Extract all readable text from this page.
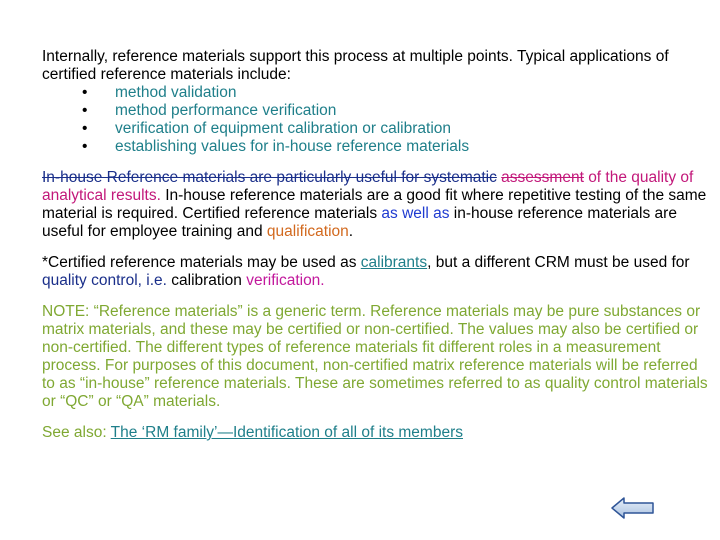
Internally, reference materials support this process at multiple points. Typical applications of certified reference materials include:

• method validation
• method performance verification
• verification of equipment calibration or calibration
• establishing values for in-house reference materials

In-house Reference materials are particularly useful for systematic assessment of the quality of analytical results. In-house reference materials are a good fit where repetitive testing of the same material is required. Certified reference materials as well as in-house reference materials are useful for employee training and qualification.

*Certified reference materials may be used as calibrants, but a different CRM must be used for quality control, i.e. calibration verification.

NOTE: “Reference materials” is a generic term. Reference materials may be pure substances or matrix materials, and these may be certified or non-certified. The values may also be certified or non-certified. The different types of reference materials fit different roles in a measurement process. For purposes of this document, non-certified matrix reference materials will be referred to as “in-house” reference materials. These are sometimes referred to as quality control materials or “QC” or “QA” materials.

See also: The ‘RM family’—Identification of all of its members
